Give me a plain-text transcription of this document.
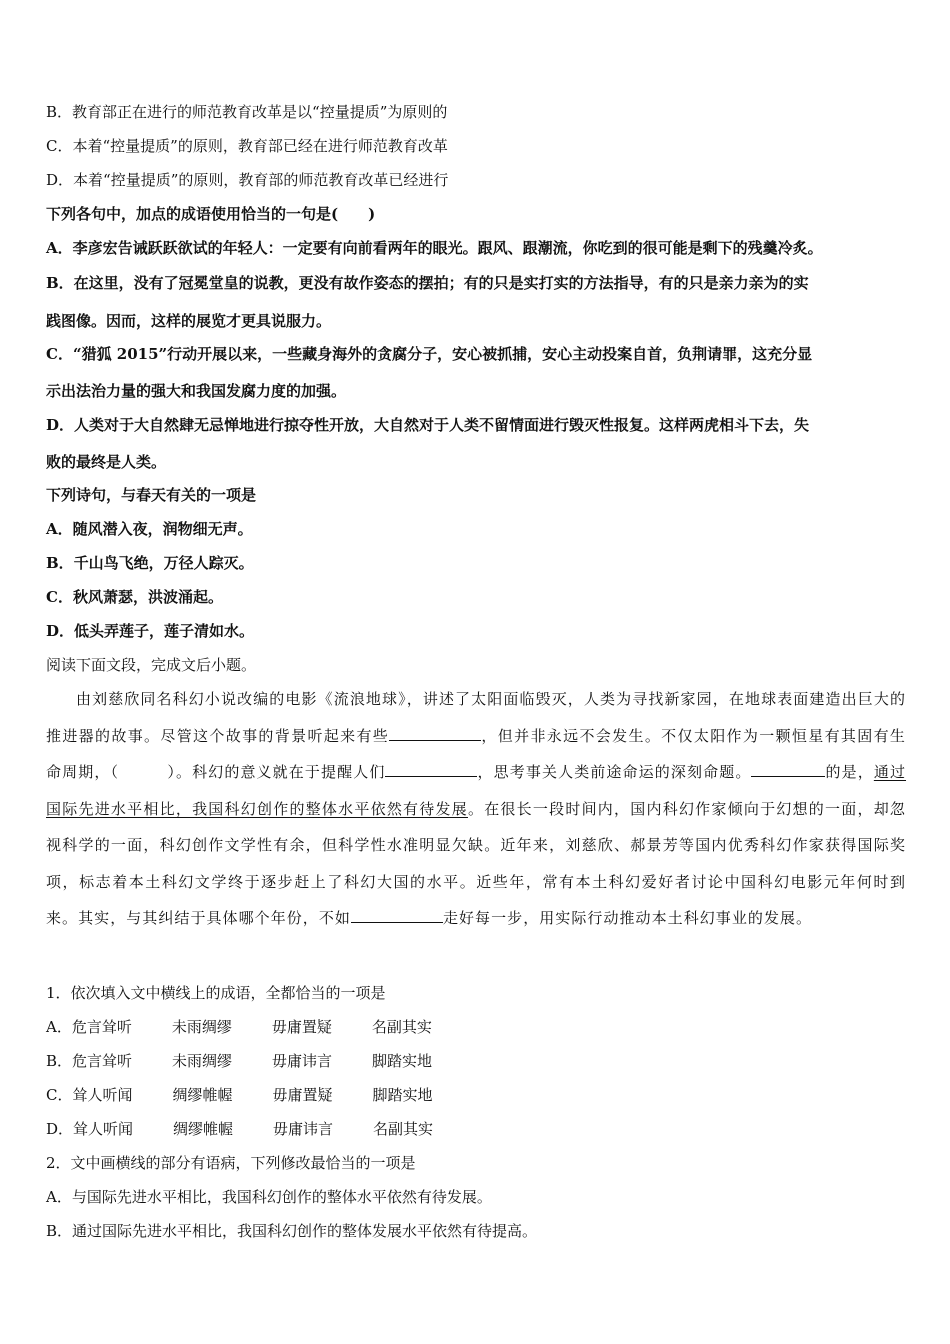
B．教育部正在进行的师范教育改革是以“控量提质”为原则的
C．本着“控量提质”的原则，教育部已经在进行师范教育改革
D．本着“控量提质”的原则，教育部的师范教育改革已经进行
下列各句中，加点的成语使用恰当的一句是(　　)
A．李彦宏告诫跃跃欲试的年轻人：一定要有向前看两年的眼光。跟风、跟潮流，你吃到的很可能是剩下的残羹冷炙。
B．在这里，没有了冠冕堂皇的说教，更没有故作姿态的摆拍；有的只是实打实的方法指导，有的只是亲力亲为的实
践图像。因而，这样的展览才更具说服力。
C．“猎狐 2015”行动开展以来，一些藏身海外的贪腐分子，安心被抓捕，安心主动投案自首，负荆请罪，这充分显
示出法治力量的强大和我国发腐力度的加强。
D．人类对于大自然肆无忌惮地进行掠夺性开放，大自然对于人类不留情面进行毁灭性报复。这样两虎相斗下去，失
败的最终是人类。
下列诗句，与春天有关的一项是
A．随风潜入夜，润物细无声。
B．千山鸟飞绝，万径人踪灭。
C．秋风萧瑟，洪波涌起。
D．低头弄莲子，莲子清如水。
阅读下面文段，完成文后小题。
由刘慈欣同名科幻小说改编的电影《流浪地球》，讲述了太阳面临毁灭，人类为寻找新家园，在地球表面建造出巨大的推进器的故事。尽管这个故事的背景听起来有些	，但并非永远不会发生。不仅太阳作为一颗恒星有其固有生命周期，（　　　）。科幻的意义就在于提醒人们	，思考事关人类前途命运的深刻命题。	的是，通过国际先进水平相比，我国科幻创作的整体水平依然有待发展。在很长一段时间内，国内科幻作家倾向于幻想的一面，却忽视科学的一面，科幻创作文学性有余，但科学性水准明显欠缺。近年来，刘慈欣、郝景芳等国内优秀科幻作家获得国际奖项，标志着本土科幻文学终于逐步赶上了科幻大国的水平。近些年，常有本土科幻爱好者讨论中国科幻电影元年何时到来。其实，与其纠结于具体哪个年份，不如	走好每一步，用实际行动推动本土科幻事业的发展。
1．依次填入文中横线上的成语，全都恰当的一项是
A．危言耸听	未雨绸缪	毋庸置疑	名副其实
B．危言耸听	未雨绸缪	毋庸讳言	脚踏实地
C．耸人听闻	绸缪帷幄	毋庸置疑	脚踏实地
D．耸人听闻	绸缪帷幄	毋庸讳言	名副其实
2．文中画横线的部分有语病，下列修改最恰当的一项是
A．与国际先进水平相比，我国科幻创作的整体水平依然有待发展。
B．通过国际先进水平相比，我国科幻创作的整体发展水平依然有待提高。
